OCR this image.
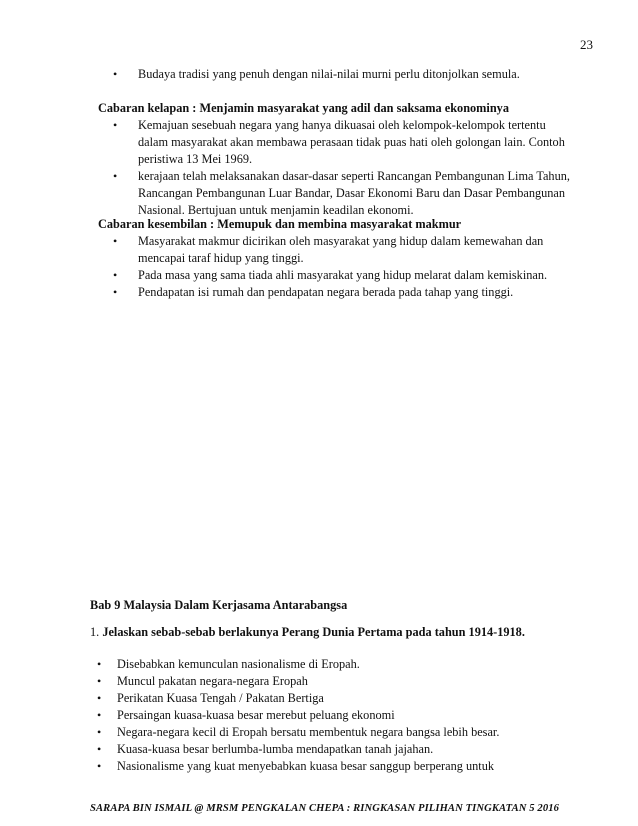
23
• Budaya tradisi yang penuh dengan nilai-nilai murni perlu ditonjolkan semula.
Cabaran kelapan : Menjamin masyarakat yang adil dan saksama ekonominya
• Kemajuan sesebuah negara yang hanya dikuasai oleh kelompok-kelompok tertentu
dalam masyarakat akan membawa perasaan tidak puas hati oleh golongan lain. Contoh
peristiwa 13 Mei 1969.
• kerajaan telah melaksanakan dasar-dasar seperti Rancangan Pembangunan Lima Tahun,
Rancangan Pembangunan Luar Bandar, Dasar Ekonomi Baru dan Dasar Pembangunan
Nasional. Bertujuan untuk menjamin keadilan ekonomi.
Cabaran kesembilan : Memupuk dan membina masyarakat makmur
• Masyarakat makmur dicirikan oleh masyarakat yang hidup dalam kemewahan dan
mencapai taraf hidup yang tinggi.
• Pada masa yang sama tiada ahli masyarakat yang hidup melarat dalam kemiskinan.
• Pendapatan isi rumah dan pendapatan negara berada pada tahap yang tinggi.
Bab 9 Malaysia Dalam Kerjasama Antarabangsa
1. Jelaskan sebab-sebab berlakunya Perang Dunia Pertama pada tahun 1914-1918.
• Disebabkan kemunculan nasionalisme di Eropah.
• Muncul pakatan negara-negara Eropah
• Perikatan Kuasa Tengah / Pakatan Bertiga
• Persaingan kuasa-kuasa besar merebut peluang ekonomi
• Negara-negara kecil di Eropah bersatu membentuk negara bangsa lebih besar.
• Kuasa-kuasa besar berlumba-lumba mendapatkan tanah jajahan.
• Nasionalisme yang kuat menyebabkan kuasa besar sanggup berperang untuk
SARAPA BIN ISMAIL @ MRSM PENGKALAN CHEPA : RINGKASAN PILIHAN TINGKATAN 5 2016
